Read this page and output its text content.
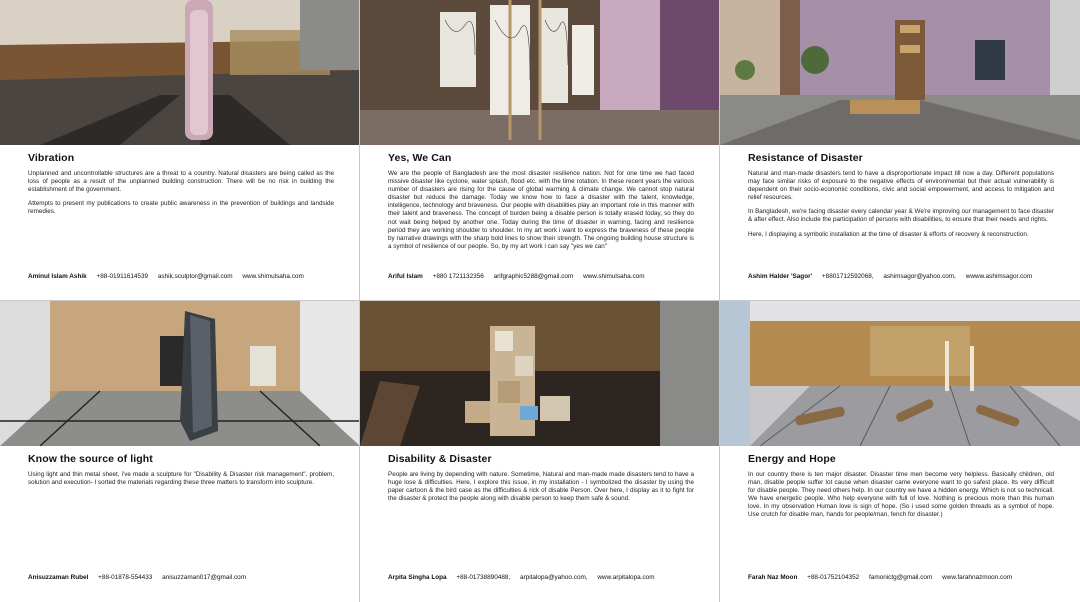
Vibration

Unplanned and uncontrollable structures are a threat to a country. Natural disasters are being called as the loss of people as a result of the unplanned building construction. There will be no risk in building the establishment of the government.

Attempts to present my publications to create public awareness in the prevention of buildings and landside remedies.

Aminul Islam Ashik +88-01911614539 ashik.sculptor@gmail.com www.shimulsaha.com
Yes, We Can

We are the people of Bangladesh are the most disaster resilience nation. Not for one time we had faced missive disaster like cyclone, water splash, flood etc. with the time rotation. In these recent years the various number of disasters are rising for the cause of global warming & climate change. We cannot stop natural disaster but reduce the damage. Today we know how to face a disaster with the talent, knowledge, intelligence, technology and braveness. Our people with disabilities play an important role in this manner with their talent and braveness. The concept of burden being a disable person is totally erased today, so they do not wait being helped by another one. Today during the time of disaster in warning, facing and resilience period they are working shoulder to shoulder. In my art work i want to express the braveness of these people by narrative drawings with the sharp bold lines to show their strength. The ongoing building house structure is a symbol of resilience of our people. So, by my art work i can say "yes we can"

Ariful Islam +880 1721132356 arifgraphic5288@gmail.com www.shimulsaha.com
Resistance of Disaster

Natural and man-made disasters tend to have a disproportionate impact till now a day. Different populations may face similar risks of exposure to the negative effects of environmental but their actual vulnerability is dependent on their socio-economic conditions, civic and social empowerment, and access to mitigation and relief resources.

In Bangladesh, we're facing disaster every calendar year & We're improving our management to face disaster & after effect. Also include the participation of persons with disabilities, to ensure that their needs and rights.

Here, I displaying a symbolic installation at the time of disaster & efforts of recovery & reconstruction.

Ashim Halder 'Sagor' +8801712592068, ashimsagor@yahoo.com, wwww.ashimsagor.com
Know the source of light

Using light and thin metal sheet, i've made a sculpture for "Disability & Disaster risk management". problem, solution and execution- I sorted the materials regarding these three matters to transform into sculpture.

Anisuzzaman Rubel +88-01878-554433 anisuzzaman017@gmail.com
Disability & Disaster

People are living by depending with nature. Sometime, Natural and man-made made disasters tend to have a huge lose & difficulties. Here, I explore this issue, in my installation - I symbolized the disaster by using the paper cartoon & the bird case as the difficulties & rick of disable Person. Over here, I display as it to fight for the disaster & protect the people along with disable person to keep them safe & sound.

Arpita Singha Lopa +88-01738890488, arpitalopa@yahoo.com, www.arpitalopa.com
Energy and Hope

In our country there is ten major disaster. Disaster time men become very helpless. Basically children, old man, disable people suffer lot cause when disaster came everyone want to go safest place. Its very difficult for disable people. They need others help. In our country we have a hidden energy. Which is not so technicall. We have energetic people. Who help everyone with full of love. Nothing is precious more than this human love. In my observation Human love is sign of hope. (So i used some golden threads as a symbol of hope. Use crutch for disable man, hands for people/man, fench for disaster.)

Farah Naz Moon +88-01752104352 famonictg@gmail.com www.farahnazmoon.com
